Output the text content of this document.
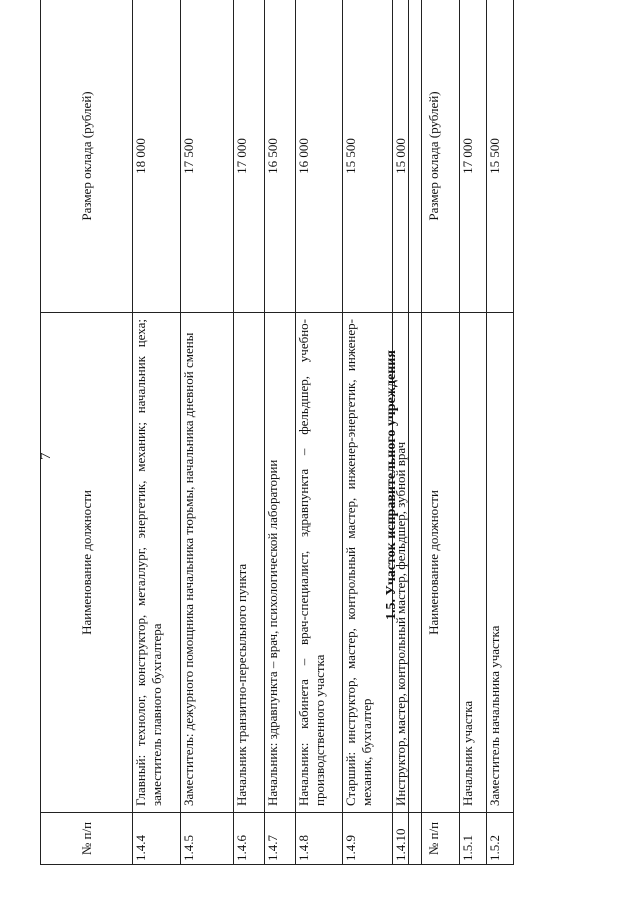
7
№ п/п	Наименование должности	Размер оклада (рублей)
1.4.4	Главный: технолог, конструктор, металлург, энергетик, механик; начальник цеха; заместитель главного бухгалтера	18 000
1.4.5	Заместитель: дежурного помощника начальника тюрьмы, начальника дневной смены	17 500
1.4.6	Начальник транзитно-пересыльного пункта	17 000
1.4.7	Начальник: здравпункта – врач, психологической лаборатории	16 500
1.4.8	Начальник: кабинета – врач-специалист, здравпункта – фельдшер, учебно-производственного участка	16 000
1.4.9	Старший: инструктор, мастер, контрольный мастер, инженер-энергетик, инженер-механик, бухгалтер	15 500
1.4.10	Инструктор, мастер, контрольный мастер, фельдшер, зубной врач	15 000
1.5. Участок исправительного учреждения
№ п/п	Наименование должности	Размер оклада (рублей)
1.5.1	Начальник участка	17 000
1.5.2	Заместитель начальника участка	15 500
